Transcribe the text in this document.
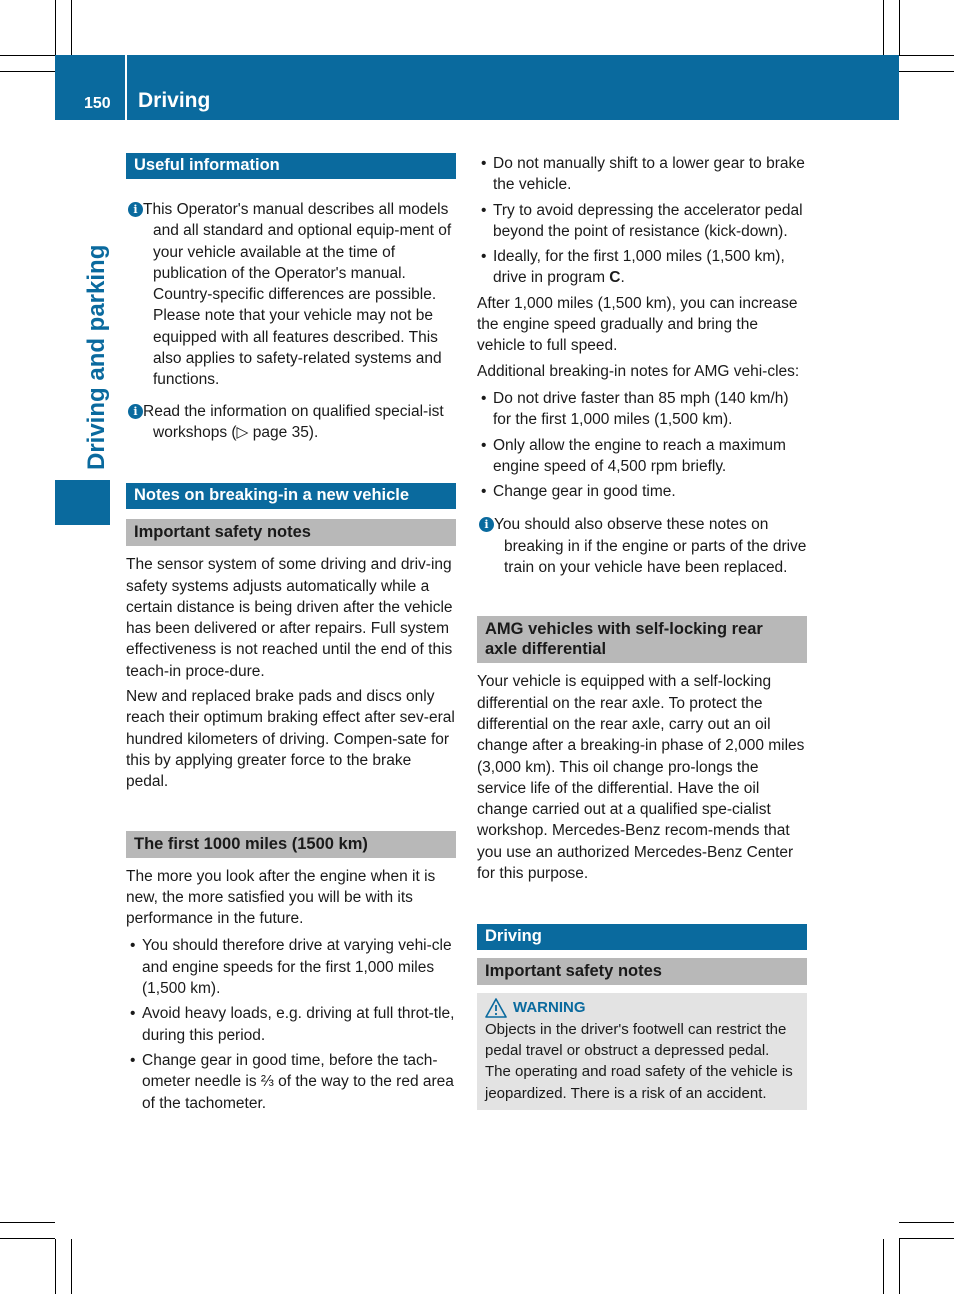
150 Driving
Driving and parking
Useful information
i This Operator's manual describes all models and all standard and optional equip-ment of your vehicle available at the time of publication of the Operator's manual. Country-specific differences are possible. Please note that your vehicle may not be equipped with all features described. This also applies to safety-related systems and functions.
i Read the information on qualified special-ist workshops (▷ page 35).
Notes on breaking-in a new vehicle
Important safety notes

The sensor system of some driving and driv-ing safety systems adjusts automatically while a certain distance is being driven after the vehicle has been delivered or after repairs. Full system effectiveness is not reached until the end of this teach-in proce-dure.

New and replaced brake pads and discs only reach their optimum braking effect after sev-eral hundred kilometers of driving. Compen-sate for this by applying greater force to the brake pedal.

The first 1000 miles (1500 km)

The more you look after the engine when it is new, the more satisfied you will be with its performance in the future.

• You should therefore drive at varying vehi-cle and engine speeds for the first 1,000 miles (1,500 km).
• Avoid heavy loads, e.g. driving at full throt-tle, during this period.
• Change gear in good time, before the tach-ometer needle is ⅔ of the way to the red area of the tachometer.
• Do not manually shift to a lower gear to brake the vehicle.
• Try to avoid depressing the accelerator pedal beyond the point of resistance (kick-down).
• Ideally, for the first 1,000 miles (1,500 km), drive in program C.

After 1,000 miles (1,500 km), you can increase the engine speed gradually and bring the vehicle to full speed.

Additional breaking-in notes for AMG vehi-cles:

• Do not drive faster than 85 mph (140 km/h) for the first 1,000 miles (1,500 km).
• Only allow the engine to reach a maximum engine speed of 4,500 rpm briefly.
• Change gear in good time.
i You should also observe these notes on breaking in if the engine or parts of the drive train on your vehicle have been replaced.
AMG vehicles with self-locking rear axle differential

Your vehicle is equipped with a self-locking differential on the rear axle. To protect the differential on the rear axle, carry out an oil change after a breaking-in phase of 2,000 miles (3,000 km). This oil change pro-longs the service life of the differential. Have the oil change carried out at a qualified spe-cialist workshop. Mercedes-Benz recom-mends that you use an authorized Mercedes-Benz Center for this purpose.

Driving
Important safety notes
WARNING

Objects in the driver's footwell can restrict the pedal travel or obstruct a depressed pedal. The operating and road safety of the vehicle is jeopardized. There is a risk of an accident.
